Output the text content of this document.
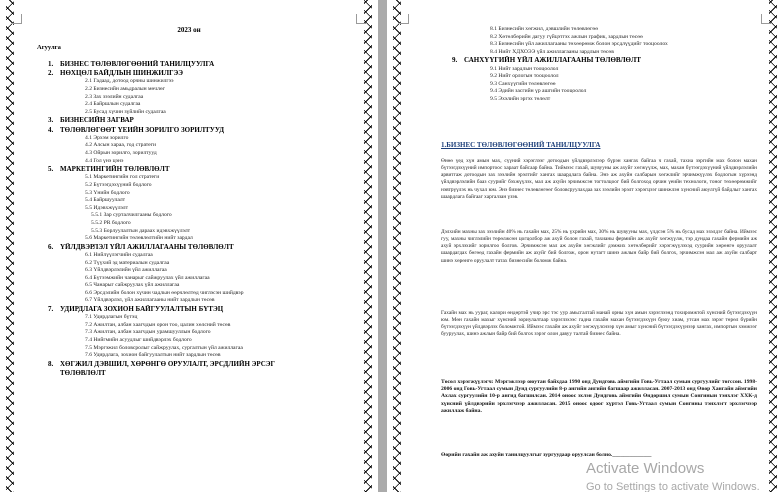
2023 он
Агуулга
1. БИЗНЕС ТӨЛӨВЛӨГӨӨНИЙ ТАНИЛЦУУЛГА
2. НӨХЦӨЛ БАЙДЛЫН ШИНЖИЛГЭЭ
2.1 Гадаад, дотоод орчны шинжилгээ
2.2 Бизнесийн амьдралын мөчлөг
2.3 Зах зээлийн судалгаа
2.4 Байршлын судалгаа
2.5 Бусад хүчин зүйлийн судалгаа
3. БИЗНЕСИЙН ЗАГВАР
4. ТӨЛӨВЛӨГӨӨТ ҮЕИЙН ЗОРИЛГО ЗОРИЛТУУД
4.1 Эрхэм зорилго
4.2 Алсын хараа, год стратеги
4.3 Ойрын зорилго, зорилтууд
4.4 Гол үнэ цэнэ
5. МАРКЕТИНГИЙН ТӨЛӨВЛӨЛТ
5.1 Маркетингийн гол стратеги
5.2 Бүтээгдэхүүний бодлого
5.3 Үнийн бодлого
5.4 Байршуулалт
5.5 Идэвхжүүлэлт
5.5.1 Зар сурталчилгааны бодлого
5.5.2 PR бодлого
5.5.3 Борлуулалтын дараах идэвхжүүлэлт
5.6 Маркетингийн төлөвлөлтийн нийт зардал
6. ҮЙЛДВЭРЛЭЛ ҮЙЛ АЖИЛЛАГААНЫ ТӨЛӨВЛӨЛТ
6.1 Нийлүүлэгчийн судалгаа
6.2 Түүхий эд материалын судалгаа
6.3 Үйлдвэрлэлийн үйл ажиллагаа
6.4 Бүтээмжийн чанарыг сайжруулах үйл ажиллагаа
6.5 Чанарыг сайжруулах үйл ажиллагаа
6.6 Эрсдэлийн болон хүчин чадлын өөрчлөлтөд чиглэсэн шийдвэр
6.7 Үйлдвэрлэл, үйл ажиллагааны нийт зардлын төсөв
7. УДИРДЛАГА ЗОХИОН БАЙГУУЛАЛТЫН БҮТЭЦ
7.1 Удирдлагын бүтэц
7.2 Ажилтан, албан хаагчдын орон тоо, цалин хөлсний төсөв
7.3 Ажилтан, албан хаагчдын урамшууллын бодлого
7.4 Нийгмийн асуудлыг шийдвэрлэх бодлого
7.5 Мэргэжил боловсролыг сайжруулах, сургалтын үйл ажиллагаа
7.6 Удирдлага, зохион байгуулалтын нийт зардлын төсөв
8. ХӨГЖИЛ ДЭВШИЛ, ХӨРӨНГӨ ОРУУЛАЛТ, ЭРСДЛИЙН ЭРСЭГ
ТӨЛӨВЛӨЛТ
8.1 Бизнесийн хөгжил, дэвшлийн төлөвлөгөө
8.2 Хөтөлбөрийн дагуу гүйцэтгэх ажлын график, зардлын төсөө
8.3 Бизнесийн үйл ажиллагааны төхөөрөмж болон эрсдлүүдийг тооцоолох
8.4 Нийт ХДХОЭЭ үйл ажиллагааны зардлын төсөв
9. САНХҮҮГИЙН ҮЙЛ АЖИЛЛАГААНЫ ТӨЛӨВЛӨЛТ
9.1 Нийт зардлын тооцоолол
9.2 Нийт орлогын тооцоолол
9.3 Санхүүгийн төлөвлөгөө
9.4 Эдийн засгийн үр ашгийн тооцоолол
9.5 Эхэлийн эргэх төлөлт
1.БИЗНЕС ТӨЛӨВЛӨГӨӨНИЙ ТАНИЛЦУУЛГА
Өнөө үед хүн амын мах, сүүний хэрэглээг дотоодын үйлдвэрлэлээр бүрэн хангах байгаа ч гахай, тахиа зэргийн мах болон махан бүтээгдэхүүний импортоос хараат байсаар байна. Тиймээс гахай, шувууны аж ахуйг хөгжүүлж, мах, махан бүтээгдэхүүний үйлдвэрлэлийн арвитгаж дотоодын зах зээлийн эрэлтийг хангах шаардлага байна. Энэ аж ахуйн салбарын хөгжлийг эрчимжүүлэх бодлогын хүрээнд үйлдвэрлэлийн бааз суурийг бэхжүүлэх, мал аж ахуйн эрчимжсэн тогтолцоог бий болгоход орчин үеийн технологи, тоног төхөөрөмжийг нэвтрүүлэх нь чухал юм. Энэ бизнес төлөвлөгөөг боловсруулахдаа зах зээлийн эрэлт хэрэгцээг шинжлэн хүнсний аюулгүй байдлыг хангах шаардлага байгааг харгалзан үзэв.
Дэлхийн махны зах зээлийн 40% нь гахайн мах, 25% нь үхрийн мах, 30% нь шувууны мах, үлдсэн 5% нь бусад мах эзэлдэг байна. Иймээс гуу, махны чиглэлийн төрөлжсөн цогцолбор аж ахуй болон гахай, тахианы фермийн аж ахуйг хөгжүүлж, тэр дундаа гахайн фермийн аж ахуй эрхлэхийг зорилгоо болгов. Эрчимжсэн мал аж ахуйн хөгжлийг дэмжих хөтөлбөрийг хэрэгжүүлэхэд суурийн хөрөнгө оруулалт шаардагдах бөгөөд гахайн фермийн аж ахуйг бий болгож, орон нутагт шинэ ажлын байр бий болгох, эрчимжсэн мал аж ахуйн салбарт шинэ хөрөнгө оруулалт татах бизнесийн боломж байна.
Гахайн мах нь уураг, калори өндөртэй учир эрс тэс уур амьсгалтай манай орны хүн амын хэрэглээнд тохиромжтой хүнсний бүтээгдэхүүн юм. Мөн гахайн махыг хүнсний зориулалтаар хэрэглэхээс гадна гахайн махан бүтээгдэхүүн буюу хиам, утсан мах зэрэг төрөл бүрийн бүтээгдэхүүн үйлдвэрлэх боломжтой. Иймээс гахайн аж ахуйг хөгжүүлснээр хүн амыг хүнсний бүтээгдэхүүнээр хангах, импортын хэмжээг бууруулах, шинэ ажлын байр бий болгох зэрэг олон давуу талтай бизнес байна.
Төсөл хэрэгжүүлэгч: Мэргэжлээр оюутан байхдаа 1990 онд Дундговь аймгийн Говь-Угтаал сумын сургуулийг төгссөн. 1998-2006 онд Говь-Угтаал сумын Дунд сургуулийн 8-р ангийн ангийн багшаар ажилласан. 2007-2013 онд Өвөр Хангайн аймгийн Ахлах сургуулийн 10-р ангид багшилсан. 2014 оноос эхлэн Дундговь аймгийн Өндөршил сумын Сонгинын тэнхлэг ХХК-д хүнсний үйлдвэрийн эрхлэгчээр ажилласан. 2015 оноос одоог хүртэл Говь-Угтаал сумын Сонгины тэнхлэгт эрхлэгчээр ажиллаж байна.
Өөрийн гахайн аж ахуйн танилцуулгыг зургуудаар оруулсан болно.______________
Activate Windows
Go to Settings to activate Windows.
